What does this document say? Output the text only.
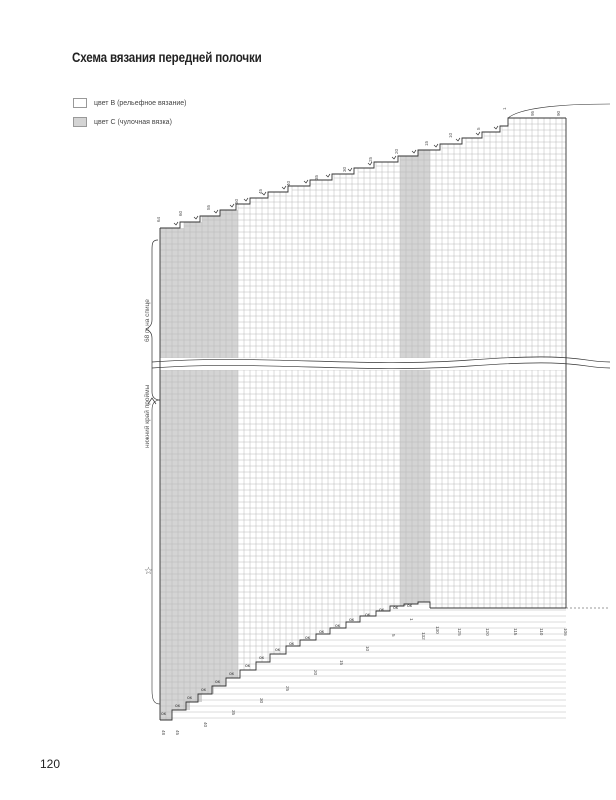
Схема вязания передней полочки
цвет B (рельефное вязание)
цвет C (чулочная вязка)
ОК
ОК
ОК
ОК
ОК
ОК
ОК
ОК
ОК
ОК
ОК
ОК
ОК
ОК
ОК
ОК	ОК	ОК
64
60
55
50
45
40
35
30
25
20
15
10
5
1
95	90
48 45
40
35
30
25
20
15
10
5
1
132
130	125	120	115	110	106
68 п. на спице
нижний край проймы
☆
120
